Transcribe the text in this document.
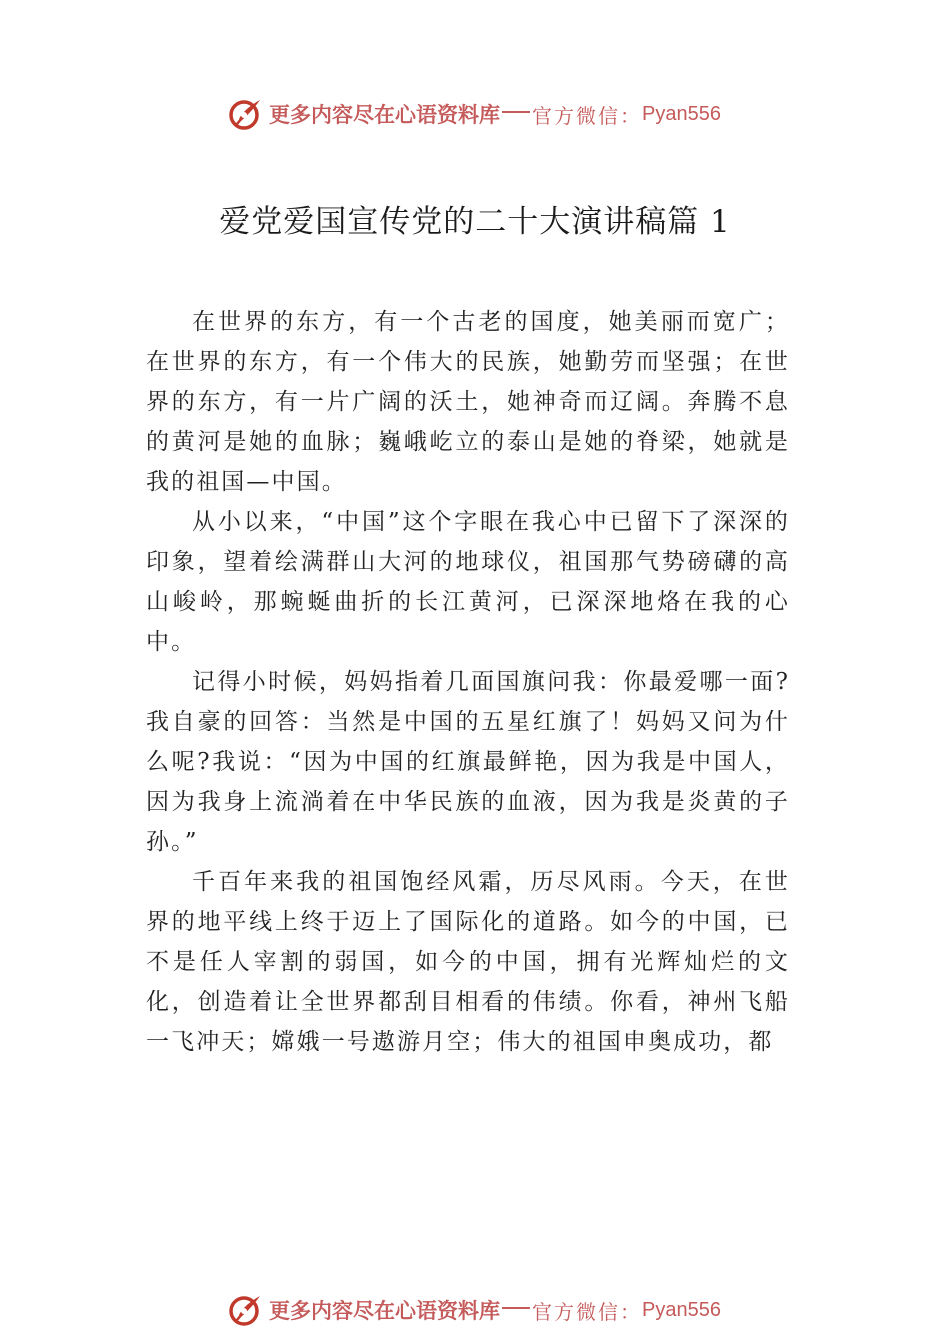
更多内容尽在心语资料库 官方微信： Pyan556
爱党爱国宣传党的二十大演讲稿篇 1

在世界的东方，有一个古老的国度，她美丽而宽广；在世界的东方，有一个伟大的民族，她勤劳而坚强；在世界的东方，有一片广阔的沃土，她神奇而辽阔。奔腾不息的黄河是她的血脉；巍峨屹立的泰山是她的脊梁，她就是我的祖国—中国。

从小以来，“中国”这个字眼在我心中已留下了深深的印象，望着绘满群山大河的地球仪，祖国那气势磅礴的高山峻岭，那蜿蜒曲折的长江黄河，已深深地烙在我的心中。

记得小时候，妈妈指着几面国旗问我：你最爱哪一面?我自豪的回答：当然是中国的五星红旗了！妈妈又问为什么呢?我说：“因为中国的红旗最鲜艳，因为我是中国人，因为我身上流淌着在中华民族的血液，因为我是炎黄的子孙。”

千百年来我的祖国饱经风霜，历尽风雨。今天，在世界的地平线上终于迈上了国际化的道路。如今的中国，已不是任人宰割的弱国，如今的中国，拥有光辉灿烂的文化，创造着让全世界都刮目相看的伟绩。你看，神州飞船一飞冲天；嫦娥一号遨游月空；伟大的祖国申奥成功，都

更多内容尽在心语资料库 官方微信： Pyan556
